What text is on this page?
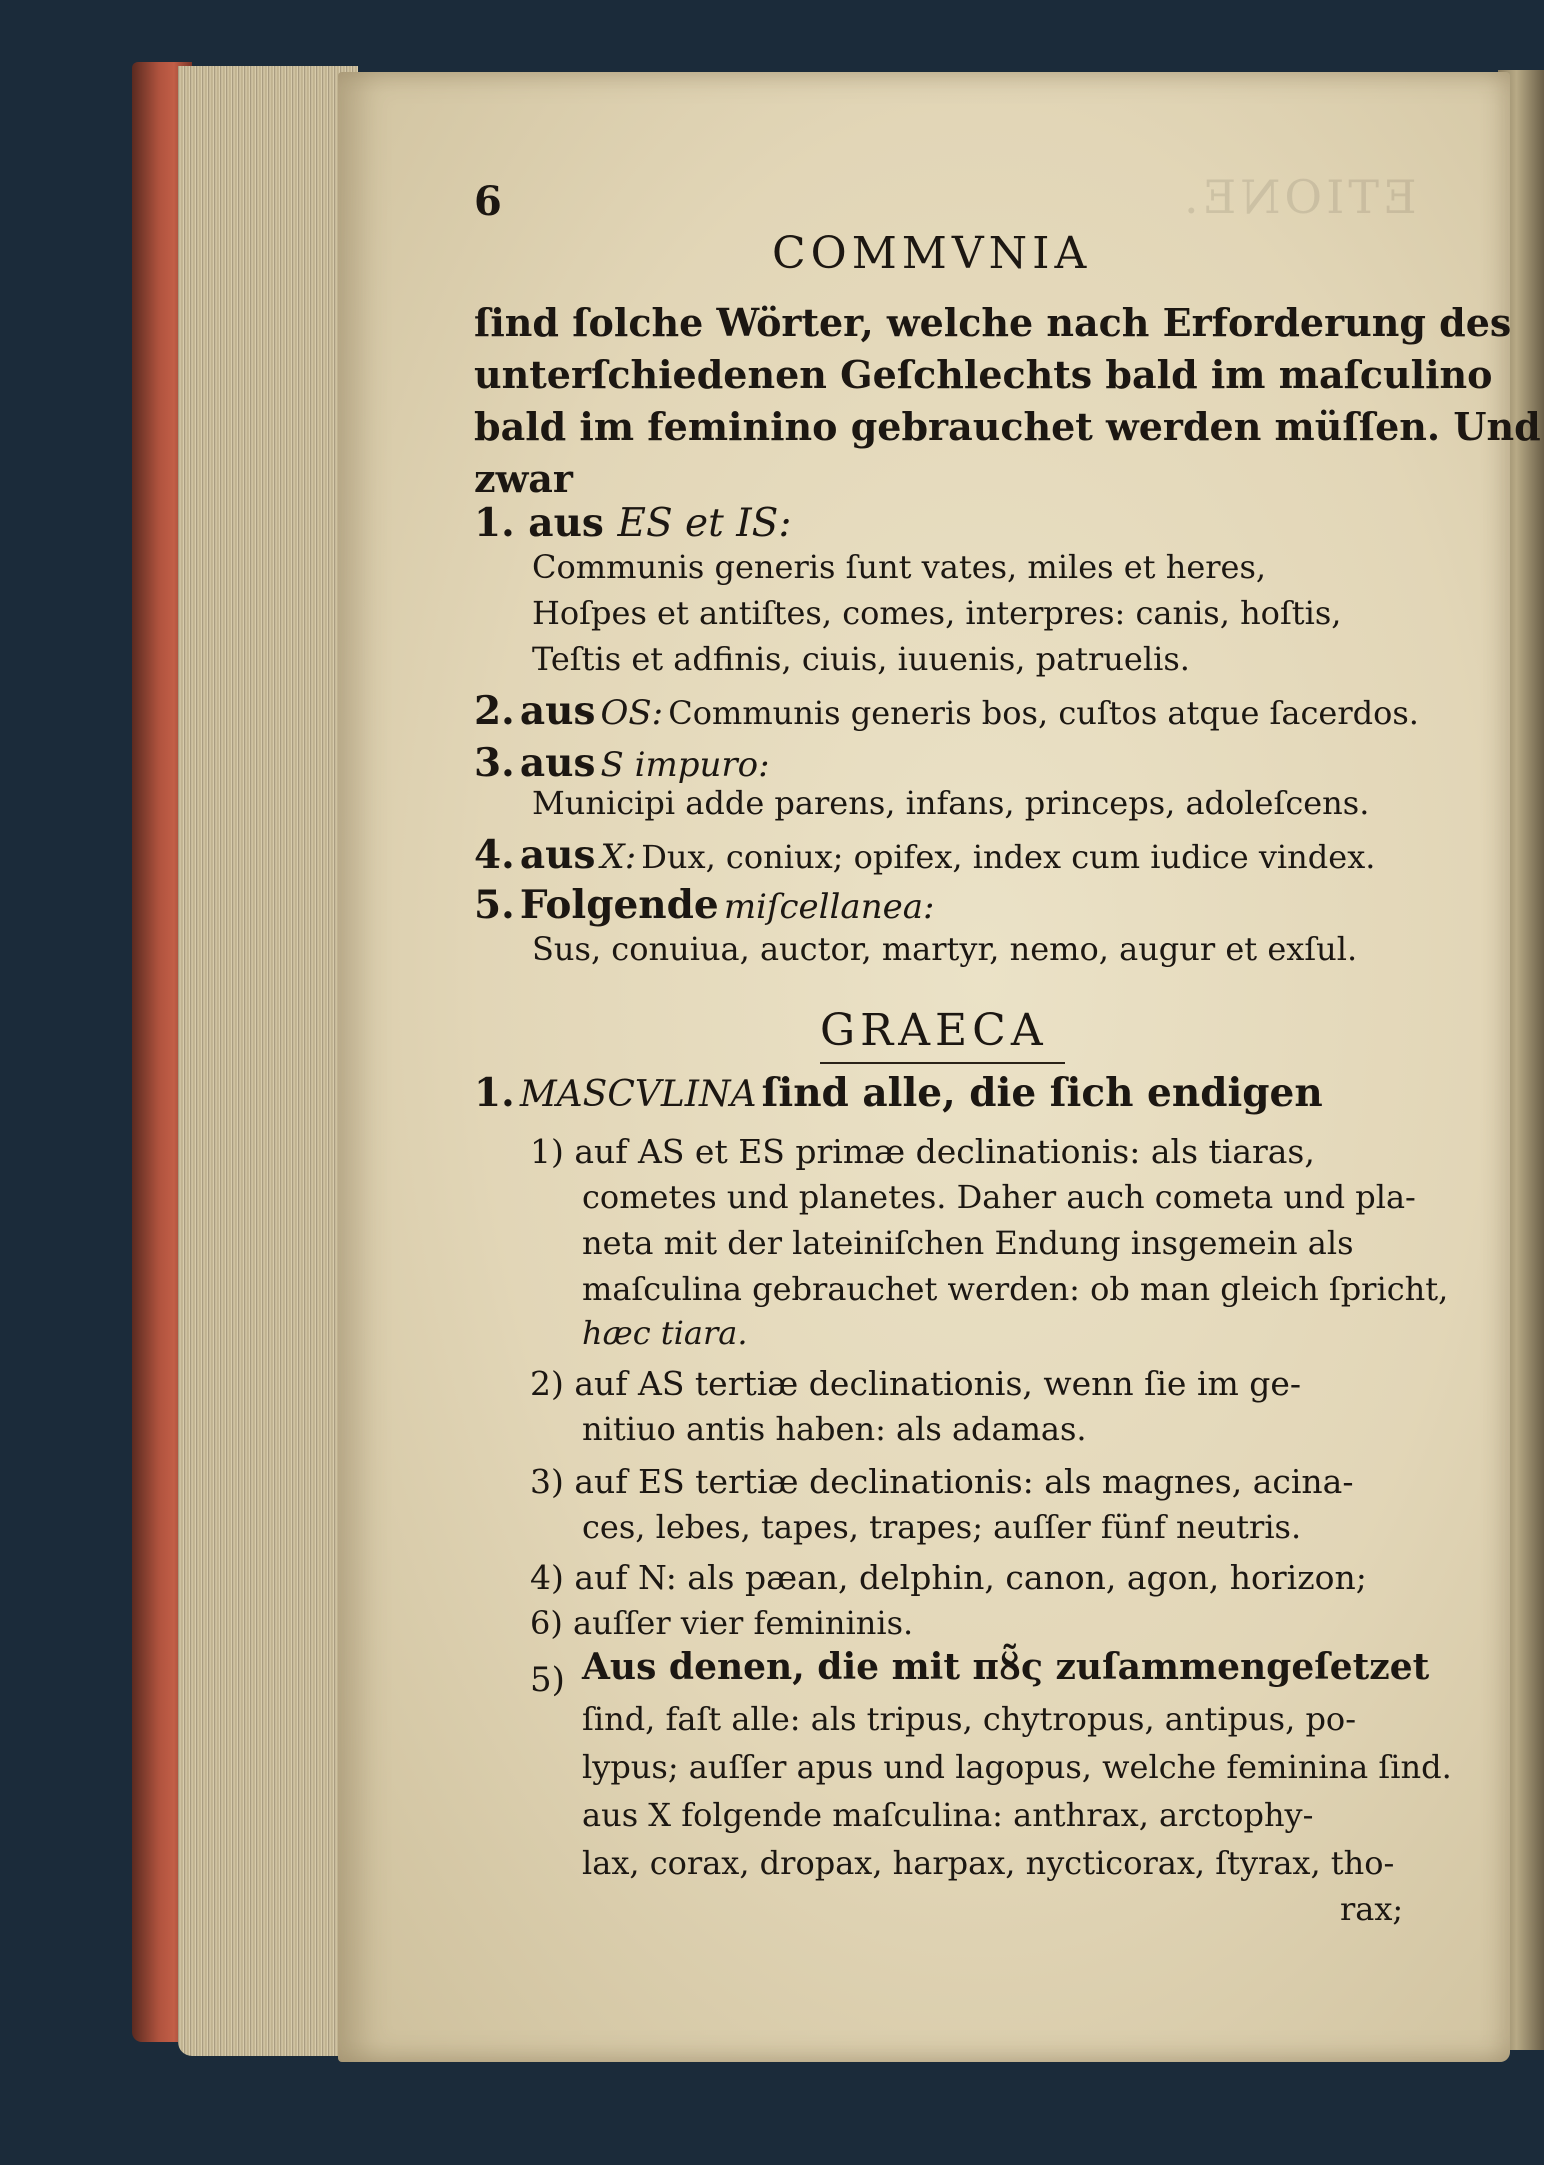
ETIONE.
6
COMMVNIA
ſind ſolche Wörter, welche nach Erforderung des
unterſchiedenen Geſchlechts bald im maſculino
bald im feminino gebrauchet werden müſſen. Und
zwar
1. aus ES et IS:
Communis generis ſunt vates, miles et heres,
Hoſpes et antiſtes, comes, interpres: canis, hoſtis,
Teſtis et adfinis, ciuis, iuuenis, patruelis.
2. aus OS: Communis generis bos, cuſtos atque ſacerdos.
3. aus S impuro:
Municipi adde parens, infans, princeps, adoleſcens.
4. aus X: Dux, coniux; opifex, index cum iudice vindex.
5. Folgende miſcellanea:
Sus, conuiua, auctor, martyr, nemo, augur et exſul.
GRAECA
1. MASCVLINA ſind alle, die ſich endigen
1) auf AS et ES primæ declinationis: als tiaras,
cometes und planetes. Daher auch cometa und pla-
neta mit der lateiniſchen Endung insgemein als
maſculina gebrauchet werden: ob man gleich ſpricht,
hæc tiara.
2) auf AS tertiæ declinationis, wenn ſie im ge-
nitiuo antis haben: als adamas.
3) auf ES tertiæ declinationis: als magnes, acina-
ces, lebes, tapes, trapes; auſſer fünf neutris.
4) auf N: als pæan, delphin, canon, agon, horizon;
6) auſſer vier femininis.
5) Aus denen, die mit πȣ̃ς zuſammengeſetzet
ſind, faſt alle: als tripus, chytropus, antipus, po-
lypus; auſſer apus und lagopus, welche feminina ſind.
aus X folgende maſculina: anthrax, arctophy-
lax, corax, dropax, harpax, nycticorax, ſtyrax, tho-
rax;
